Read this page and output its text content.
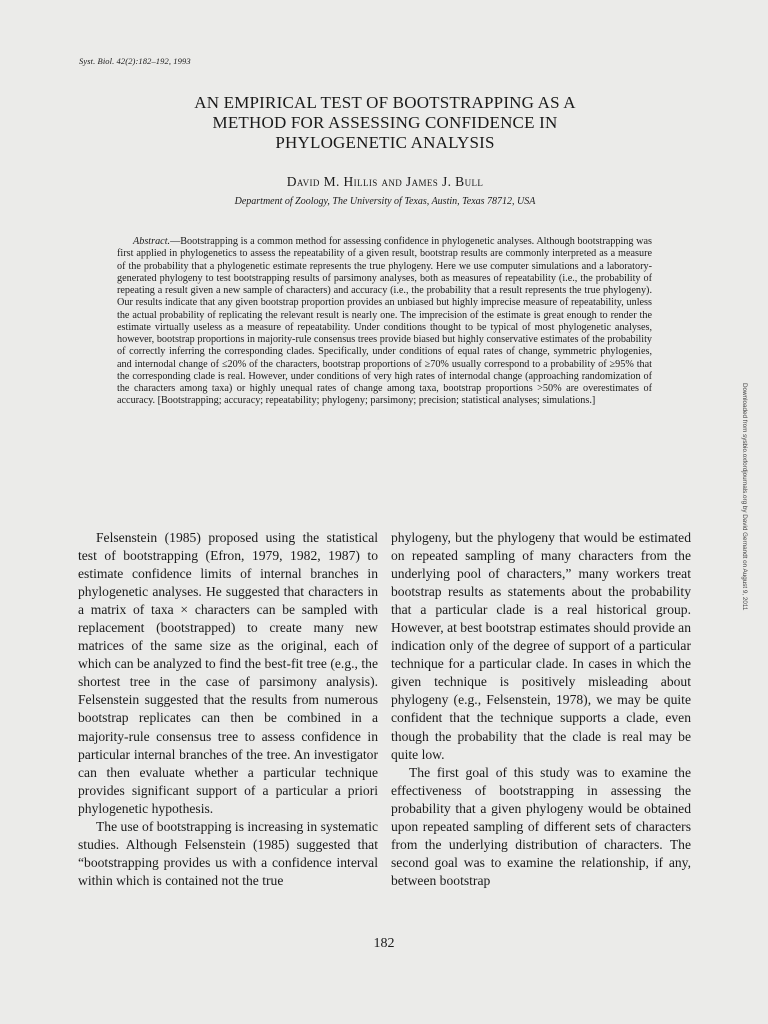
Syst. Biol. 42(2):182–192, 1993
AN EMPIRICAL TEST OF BOOTSTRAPPING AS A
METHOD FOR ASSESSING CONFIDENCE IN
PHYLOGENETIC ANALYSIS
David M. Hillis and James J. Bull
Department of Zoology, The University of Texas, Austin, Texas 78712, USA
Abstract.—Bootstrapping is a common method for assessing confidence in phylogenetic analyses. Although bootstrapping was first applied in phylogenetics to assess the repeatability of a given result, bootstrap results are commonly interpreted as a measure of the probability that a phylogenetic estimate represents the true phylogeny. Here we use computer simulations and a laboratory-generated phylogeny to test bootstrapping results of parsimony analyses, both as measures of repeatability (i.e., the probability of repeating a result given a new sample of characters) and accuracy (i.e., the probability that a result represents the true phylogeny). Our results indicate that any given bootstrap proportion provides an unbiased but highly imprecise measure of repeatability, unless the actual probability of replicating the relevant result is nearly one. The imprecision of the estimate is great enough to render the estimate virtually useless as a measure of repeatability. Under conditions thought to be typical of most phylogenetic analyses, however, bootstrap proportions in majority-rule consensus trees provide biased but highly conservative estimates of the probability of correctly inferring the corresponding clades. Specifically, under conditions of equal rates of change, symmetric phylogenies, and internodal change of ≤20% of the characters, bootstrap proportions of ≥70% usually correspond to a probability of ≥95% that the corresponding clade is real. However, under conditions of very high rates of internodal change (approaching randomization of the characters among taxa) or highly unequal rates of change among taxa, bootstrap proportions >50% are overestimates of accuracy. [Bootstrapping; accuracy; repeatability; phylogeny; parsimony; precision; statistical analyses; simulations.]

Felsenstein (1985) proposed using the statistical test of bootstrapping (Efron, 1979, 1982, 1987) to estimate confidence limits of internal branches in phylogenetic analyses. He suggested that characters in a matrix of taxa × characters can be sampled with replacement (bootstrapped) to create many new matrices of the same size as the original, each of which can be analyzed to find the best-fit tree (e.g., the shortest tree in the case of parsimony analysis). Felsenstein suggested that the results from numerous bootstrap replicates can then be combined in a majority-rule consensus tree to assess confidence in particular internal branches of the tree. An investigator can then evaluate whether a particular technique provides significant support of a particular a priori phylogenetic hypothesis.

The use of bootstrapping is increasing in systematic studies. Although Felsenstein (1985) suggested that “bootstrapping provides us with a confidence interval within which is contained not the true

phylogeny, but the phylogeny that would be estimated on repeated sampling of many characters from the underlying pool of characters,” many workers treat bootstrap results as statements about the probability that a particular clade is a real historical group. However, at best bootstrap estimates should provide an indication only of the degree of support of a particular technique for a particular clade. In cases in which the given technique is positively misleading about phylogeny (e.g., Felsenstein, 1978), we may be quite confident that the technique supports a clade, even though the probability that the clade is real may be quite low.

The first goal of this study was to examine the effectiveness of bootstrapping in assessing the probability that a given phylogeny would be obtained upon repeated sampling of different sets of characters from the underlying distribution of characters. The second goal was to examine the relationship, if any, between bootstrap

182
Downloaded from sysbio.oxfordjournals.org by David Gernandt on August 9, 2011
